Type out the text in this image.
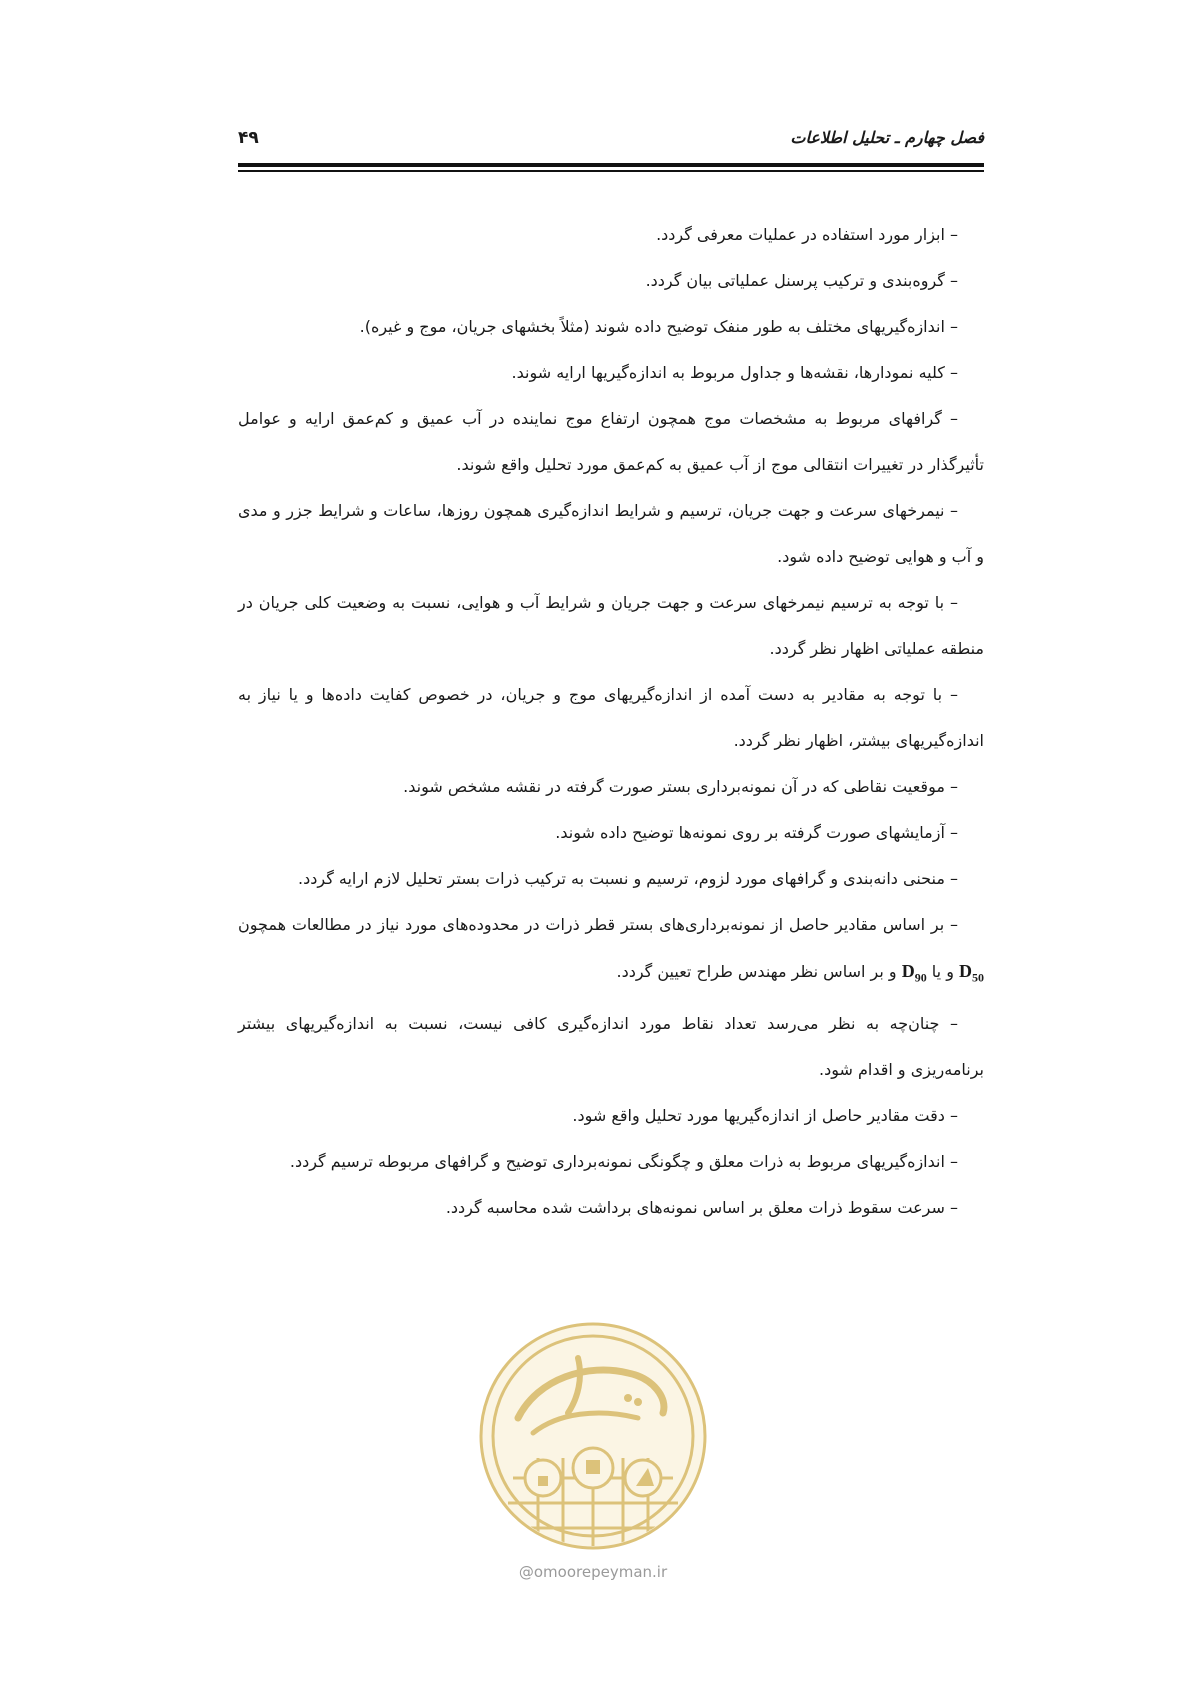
فصل چهارم ـ تحلیل اطلاعات
۴۹

– ابزار مورد استفاده در عملیات معرفی گردد.

– گروه‌بندی و ترکیب پرسنل عملیاتی بیان گردد.

– اندازه‌گیریهای مختلف به طور منفک توضیح داده شوند (مثلاً بخشهای جریان، موج و غیره).

– کلیه نمودارها، نقشه‌ها و جداول مربوط به اندازه‌گیریها ارایه شوند.

– گرافهای مربوط به مشخصات موج همچون ارتفاع موج نماینده در آب عمیق و کم‌عمق ارایه و عوامل تأثیرگذار در تغییرات انتقالی موج از آب عمیق به کم‌عمق مورد تحلیل واقع شوند.

– نیمرخهای سرعت و جهت جریان، ترسیم و شرایط اندازه‌گیری همچون روزها، ساعات و شرایط جزر و مدی و آب و هوایی توضیح داده شود.

– با توجه به ترسیم نیمرخهای سرعت و جهت جریان و شرایط آب و هوایی، نسبت به وضعیت کلی جریان در منطقه عملیاتی اظهار نظر گردد.

– با توجه به مقادیر به دست آمده از اندازه‌گیریهای موج و جریان، در خصوص کفایت داده‌ها و یا نیاز به اندازه‌گیریهای بیشتر، اظهار نظر گردد.

– موقعیت نقاطی که در آن نمونه‌برداری بستر صورت گرفته در نقشه مشخص شوند.

– آزمایشهای صورت گرفته بر روی نمونه‌ها توضیح داده شوند.

– منحنی دانه‌بندی و گرافهای مورد لزوم، ترسیم و نسبت به ترکیب ذرات بستر تحلیل لازم ارایه گردد.

– بر اساس مقادیر حاصل از نمونه‌برداری‌های بستر قطر ذرات در محدوده‌های مورد نیاز در مطالعات همچون $D_{50}$ و یا $D_{90}$ و بر اساس نظر مهندس طراح تعیین گردد.

– چنان‌چه به نظر می‌رسد تعداد نقاط مورد اندازه‌گیری کافی نیست، نسبت به اندازه‌گیریهای بیشتر برنامه‌ریزی و اقدام شود.

– دقت مقادیر حاصل از اندازه‌گیریها مورد تحلیل واقع شود.

– اندازه‌گیریهای مربوط به ذرات معلق و چگونگی نمونه‌برداری توضیح و گرافهای مربوطه ترسیم گردد.

– سرعت سقوط ذرات معلق بر اساس نمونه‌های برداشت شده محاسبه گردد.

@omoorepeyman.ir
